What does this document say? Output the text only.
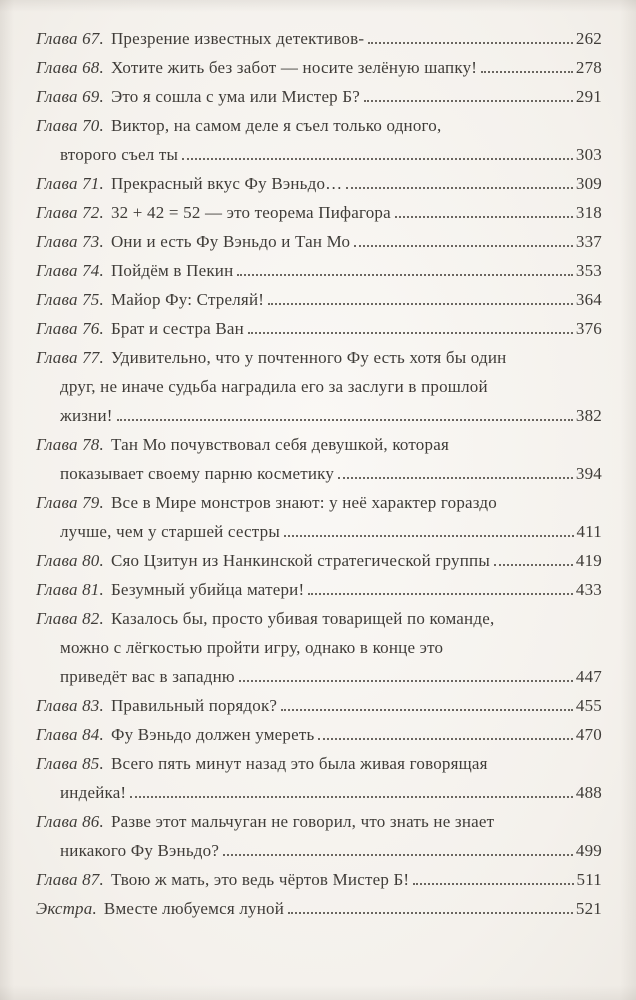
Глава 67. Презрение известных детективов-	262
Глава 68. Хотите жить без забот — носите зелёную шапку!	278
Глава 69. Это я сошла с ума или Мистер Б?	291
Глава 70. Виктор, на самом деле я съел только одного,
второго съел ты	303
Глава 71. Прекрасный вкус Фу Вэньдо…	309
Глава 72. 32 + 42 = 52 — это теорема Пифагора	318
Глава 73. Они и есть Фу Вэньдо и Тан Мо	337
Глава 74. Пойдём в Пекин	353
Глава 75. Майор Фу: Стреляй!	364
Глава 76. Брат и сестра Ван	376
Глава 77. Удивительно, что у почтенного Фу есть хотя бы один
друг, не иначе судьба наградила его за заслуги в прошлой
жизни!	382
Глава 78. Тан Мо почувствовал себя девушкой, которая
показывает своему парню косметику	394
Глава 79. Все в Мире монстров знают: у неё характер гораздо
лучше, чем у старшей сестры	411
Глава 80. Сяо Цзитун из Нанкинской стратегической группы	419
Глава 81. Безумный убийца матери!	433
Глава 82. Казалось бы, просто убивая товарищей по команде,
можно с лёгкостью пройти игру, однако в конце это
приведёт вас в западню	447
Глава 83. Правильный порядок?	455
Глава 84. Фу Вэньдо должен умереть	470
Глава 85. Всего пять минут назад это была живая говорящая
индейка!	488
Глава 86. Разве этот мальчуган не говорил, что знать не знает
никакого Фу Вэньдо?	499
Глава 87. Твою ж мать, это ведь чёртов Мистер Б!	511
Экстра. Вместе любуемся луной	521
